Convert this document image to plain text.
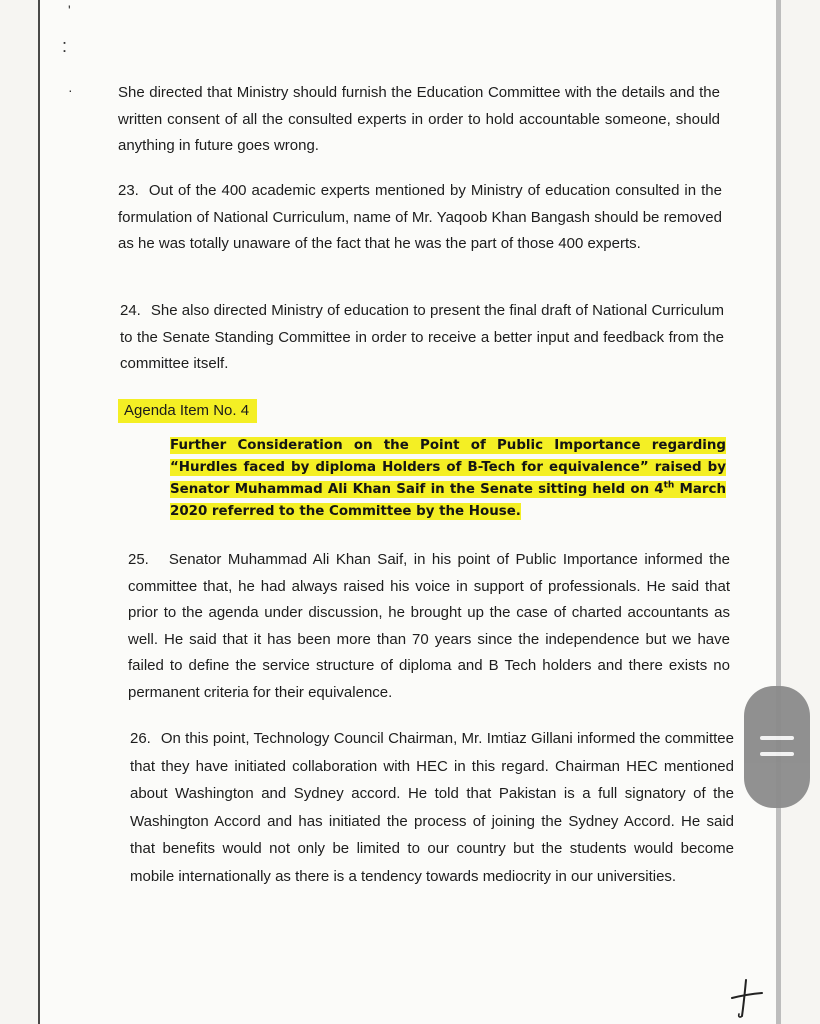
'
:
·	She directed that Ministry should furnish the Education Committee with the details and the written consent of all the consulted experts in order to hold accountable someone, should anything in future goes wrong.

23. Out of the 400 academic experts mentioned by Ministry of education consulted in the formulation of National Curriculum, name of Mr. Yaqoob Khan Bangash should be removed as he was totally unaware of the fact that he was the part of those 400 experts.

24. She also directed Ministry of education to present the final draft of National Curriculum to the Senate Standing Committee in order to receive a better input and feedback from the committee itself.

Agenda Item No. 4

Further Consideration on the Point of Public Importance regarding “Hurdles faced by diploma Holders of B-Tech for equivalence” raised by Senator Muhammad Ali Khan Saif in the Senate sitting held on 4th March 2020 referred to the Committee by the House.

25. Senator Muhammad Ali Khan Saif, in his point of Public Importance informed the committee that, he had always raised his voice in support of professionals. He said that prior to the agenda under discussion, he brought up the case of charted accountants as well. He said that it has been more than 70 years since the independence but we have failed to define the service structure of diploma and B Tech holders and there exists no permanent criteria for their equivalence.

26. On this point, Technology Council Chairman, Mr. Imtiaz Gillani informed the committee that they have initiated collaboration with HEC in this regard. Chairman HEC mentioned about Washington and Sydney accord. He told that Pakistan is a full signatory of the Washington Accord and has initiated the process of joining the Sydney Accord. He said that benefits would not only be limited to our country but the students would become mobile internationally as there is a tendency towards mediocrity in our universities.
